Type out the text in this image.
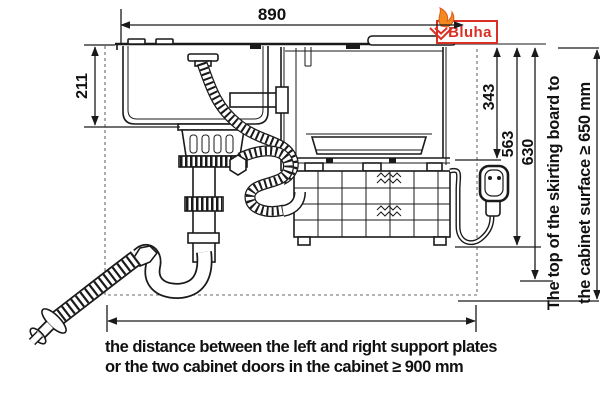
Bluha
890
211	343
563 630 The top of the skirting board to the cabinet surface ≥ 650 mm
the distance between the left and right support plates
or the two cabinet doors in the cabinet ≥ 900 mm
